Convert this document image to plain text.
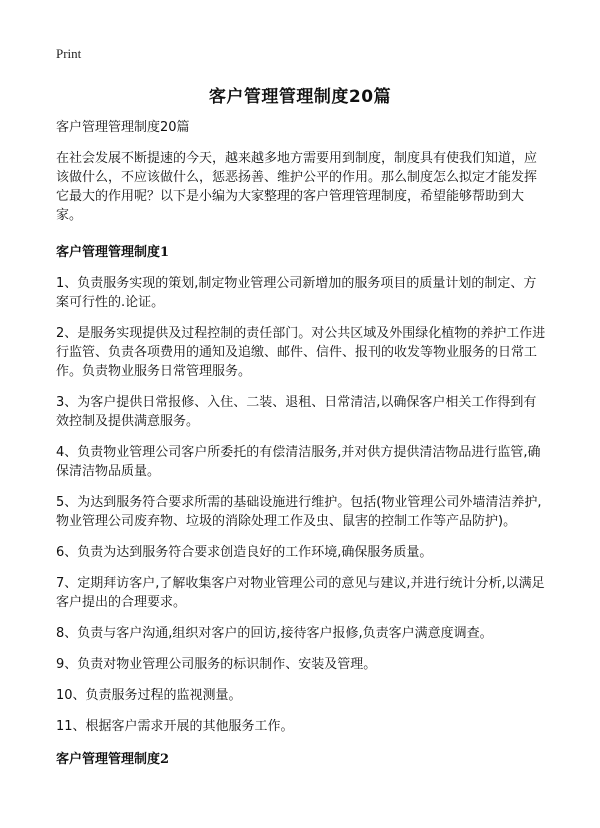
Print
客户管理管理制度20篇

客户管理管理制度20篇

在社会发展不断提速的今天，越来越多地方需要用到制度，制度具有使我们知道，应该做什么，不应该做什么，惩恶扬善、维护公平的作用。那么制度怎么拟定才能发挥它最大的作用呢？以下是小编为大家整理的客户管理管理制度，希望能够帮助到大家。

客户管理管理制度1

1、负责服务实现的策划,制定物业管理公司新增加的服务项目的质量计划的制定、方案可行性的.论证。

2、是服务实现提供及过程控制的责任部门。对公共区域及外围绿化植物的养护工作进行监管、负责各项费用的通知及追缴、邮件、信件、报刊的收发等物业服务的日常工作。负责物业服务日常管理服务。

3、为客户提供日常报修、入住、二装、退租、日常清洁,以确保客户相关工作得到有效控制及提供满意服务。

4、负责物业管理公司客户所委托的有偿清洁服务,并对供方提供清洁物品进行监管,确保清洁物品质量。

5、为达到服务符合要求所需的基础设施进行维护。包括(物业管理公司外墙清洁养护,物业管理公司废弃物、垃圾的消除处理工作及虫、鼠害的控制工作等产品防护)。

6、负责为达到服务符合要求创造良好的工作环境,确保服务质量。

7、定期拜访客户,了解收集客户对物业管理公司的意见与建议,并进行统计分析,以满足客户提出的合理要求。

8、负责与客户沟通,组织对客户的回访,接待客户报修,负责客户满意度调查。

9、负责对物业管理公司服务的标识制作、安装及管理。

10、负责服务过程的监视测量。

11、根据客户需求开展的其他服务工作。

客户管理管理制度2
